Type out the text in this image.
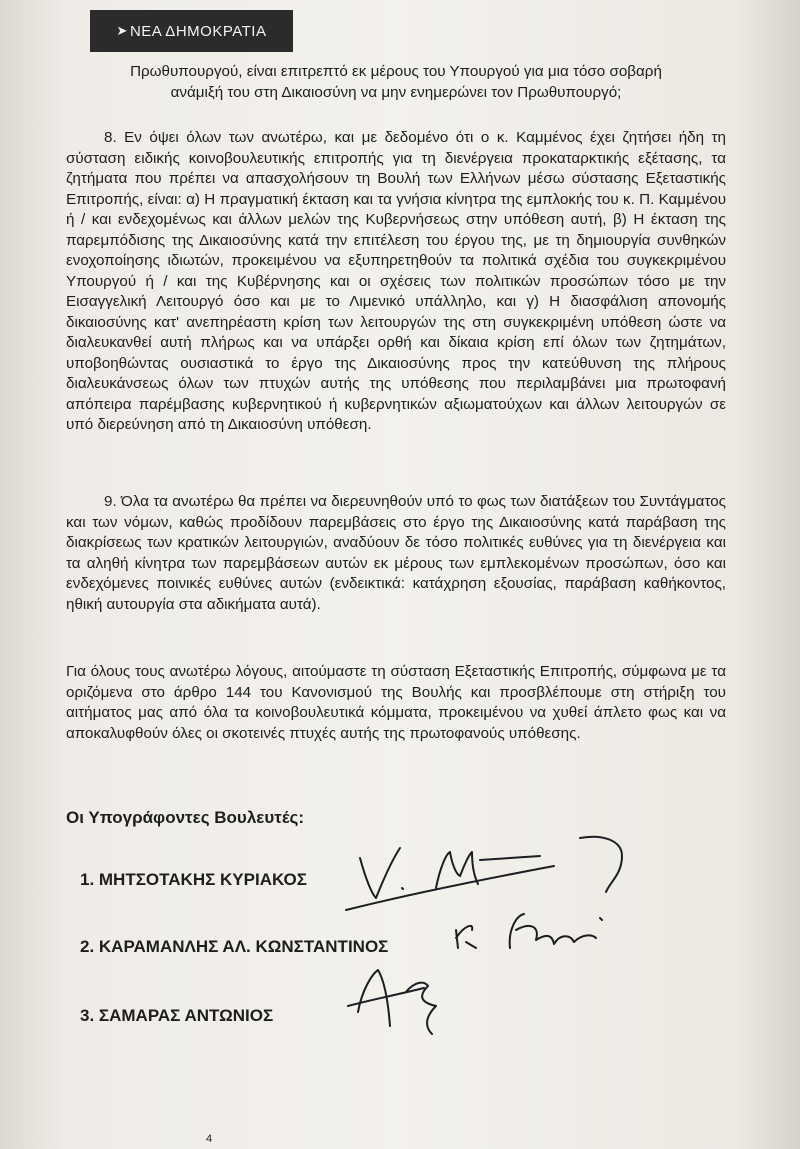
➤ ΝΕΑ ΔΗΜΟΚΡΑΤΙΑ

Πρωθυπουργού, είναι επιτρεπτό εκ μέρους του Υπουργού για μια τόσο σοβαρή

ανάμιξή του στη Δικαιοσύνη να μην ενημερώνει τον Πρωθυπουργό;

8. Εν όψει όλων των ανωτέρω, και με δεδομένο ότι ο κ. Καμμένος έχει ζητήσει ήδη τη σύσταση ειδικής κοινοβουλευτικής επιτροπής για τη διενέργεια προκαταρκτικής εξέτασης, τα ζητήματα που πρέπει να απασχολήσουν τη Βουλή των Ελλήνων μέσω σύστασης Εξεταστικής Επιτροπής, είναι: α) Η πραγματική έκταση και τα γνήσια κίνητρα της εμπλοκής του κ. Π. Καμμένου ή / και ενδεχομένως και άλλων μελών της Κυβερνήσεως στην υπόθεση αυτή, β) Η έκταση της παρεμπόδισης της Δικαιοσύνης κατά την επιτέλεση του έργου της, με τη δημιουργία συνθηκών ενοχοποίησης ιδιωτών, προκειμένου να εξυπηρετηθούν τα πολιτικά σχέδια του συγκεκριμένου Υπουργού ή / και της Κυβέρνησης και οι σχέσεις των πολιτικών προσώπων τόσο με την Εισαγγελική Λειτουργό όσο και με το Λιμενικό υπάλληλο, και γ) Η διασφάλιση απονομής δικαιοσύνης κατ' ανεπηρέαστη κρίση των λειτουργών της στη συγκεκριμένη υπόθεση ώστε να διαλευκανθεί αυτή πλήρως και να υπάρξει ορθή και δίκαια κρίση επί όλων των ζητημάτων, υποβοηθώντας ουσιαστικά το έργο της Δικαιοσύνης προς την κατεύθυνση της πλήρους διαλευκάνσεως όλων των πτυχών αυτής της υπόθεσης που περιλαμβάνει μια πρωτοφανή απόπειρα παρέμβασης κυβερνητικού ή κυβερνητικών αξιωματούχων και άλλων λειτουργών σε υπό διερεύνηση από τη Δικαιοσύνη υπόθεση.

9. Όλα τα ανωτέρω θα πρέπει να διερευνηθούν υπό το φως των διατάξεων του Συντάγματος και των νόμων, καθώς προδίδουν παρεμβάσεις στο έργο της Δικαιοσύνης κατά παράβαση της διακρίσεως των κρατικών λειτουργιών, αναδύουν δε τόσο πολιτικές ευθύνες για τη διενέργεια και τα αληθή κίνητρα των παρεμβάσεων αυτών εκ μέρους των εμπλεκομένων προσώπων, όσο και ενδεχόμενες ποινικές ευθύνες αυτών (ενδεικτικά: κατάχρηση εξουσίας, παράβαση καθήκοντος, ηθική αυτουργία στα αδικήματα αυτά).

Για όλους τους ανωτέρω λόγους, αιτούμαστε τη σύσταση Εξεταστικής Επιτροπής, σύμφωνα με τα οριζόμενα στο άρθρο 144 του Κανονισμού της Βουλής και προσβλέπουμε στη στήριξη του αιτήματος μας από όλα τα κοινοβουλευτικά κόμματα, προκειμένου να χυθεί άπλετο φως και να αποκαλυφθούν όλες οι σκοτεινές πτυχές αυτής της πρωτοφανούς υπόθεσης.

Οι Υπογράφοντες Βουλευτές:
1. ΜΗΤΣΟΤΑΚΗΣ ΚΥΡΙΑΚΟΣ
2. ΚΑΡΑΜΑΝΛΗΣ ΑΛ. ΚΩΝΣΤΑΝΤΙΝΟΣ
3. ΣΑΜΑΡΑΣ ΑΝΤΩΝΙΟΣ
4
